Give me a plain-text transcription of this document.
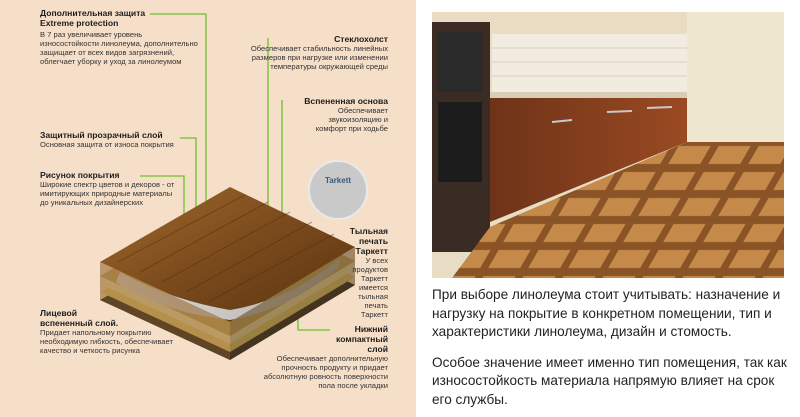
Tarkett
Дополнительная защита
Extreme protection
В 7 раз увеличивает уровень износостойкости линолеума, дополнительно защищает от всех видов загрязнений, облегчает уборку и уход за линолеумом
Защитный прозрачный слой
Основная защита от износа покрытия
Рисунок покрытия
Широкие спектр цветов и декоров - от имитирующих природные материалы до уникальных дизайнерских
Лицевой вспененный слой.
Придает напольному покрытию необходимую гибкость, обеспечивает качество и четкость рисунка
Стеклохолст
Обеспечивает стабильность линейных размеров при нагрузке или изменении температуры окружающей среды
Вспененная основа
Обеспечивает звукоизоляцию и комфорт при ходьбе
Тыльная печать Таркетт
У всех продуктов Таркетт имеется тыльная печать Таркетт
Нижний компактный слой
Обеспечивает дополнительную прочность продукту и придает абсолютную ровность поверхности пола после укладки

При выборе линолеума стоит учитывать: назначение и нагрузку на покрытие в конкретном помещении, тип и характеристики линолеума, дизайн и стомость.

Особое значение имеет именно тип помещения, так как износостойкость материала напрямую влияет на срок его службы.
